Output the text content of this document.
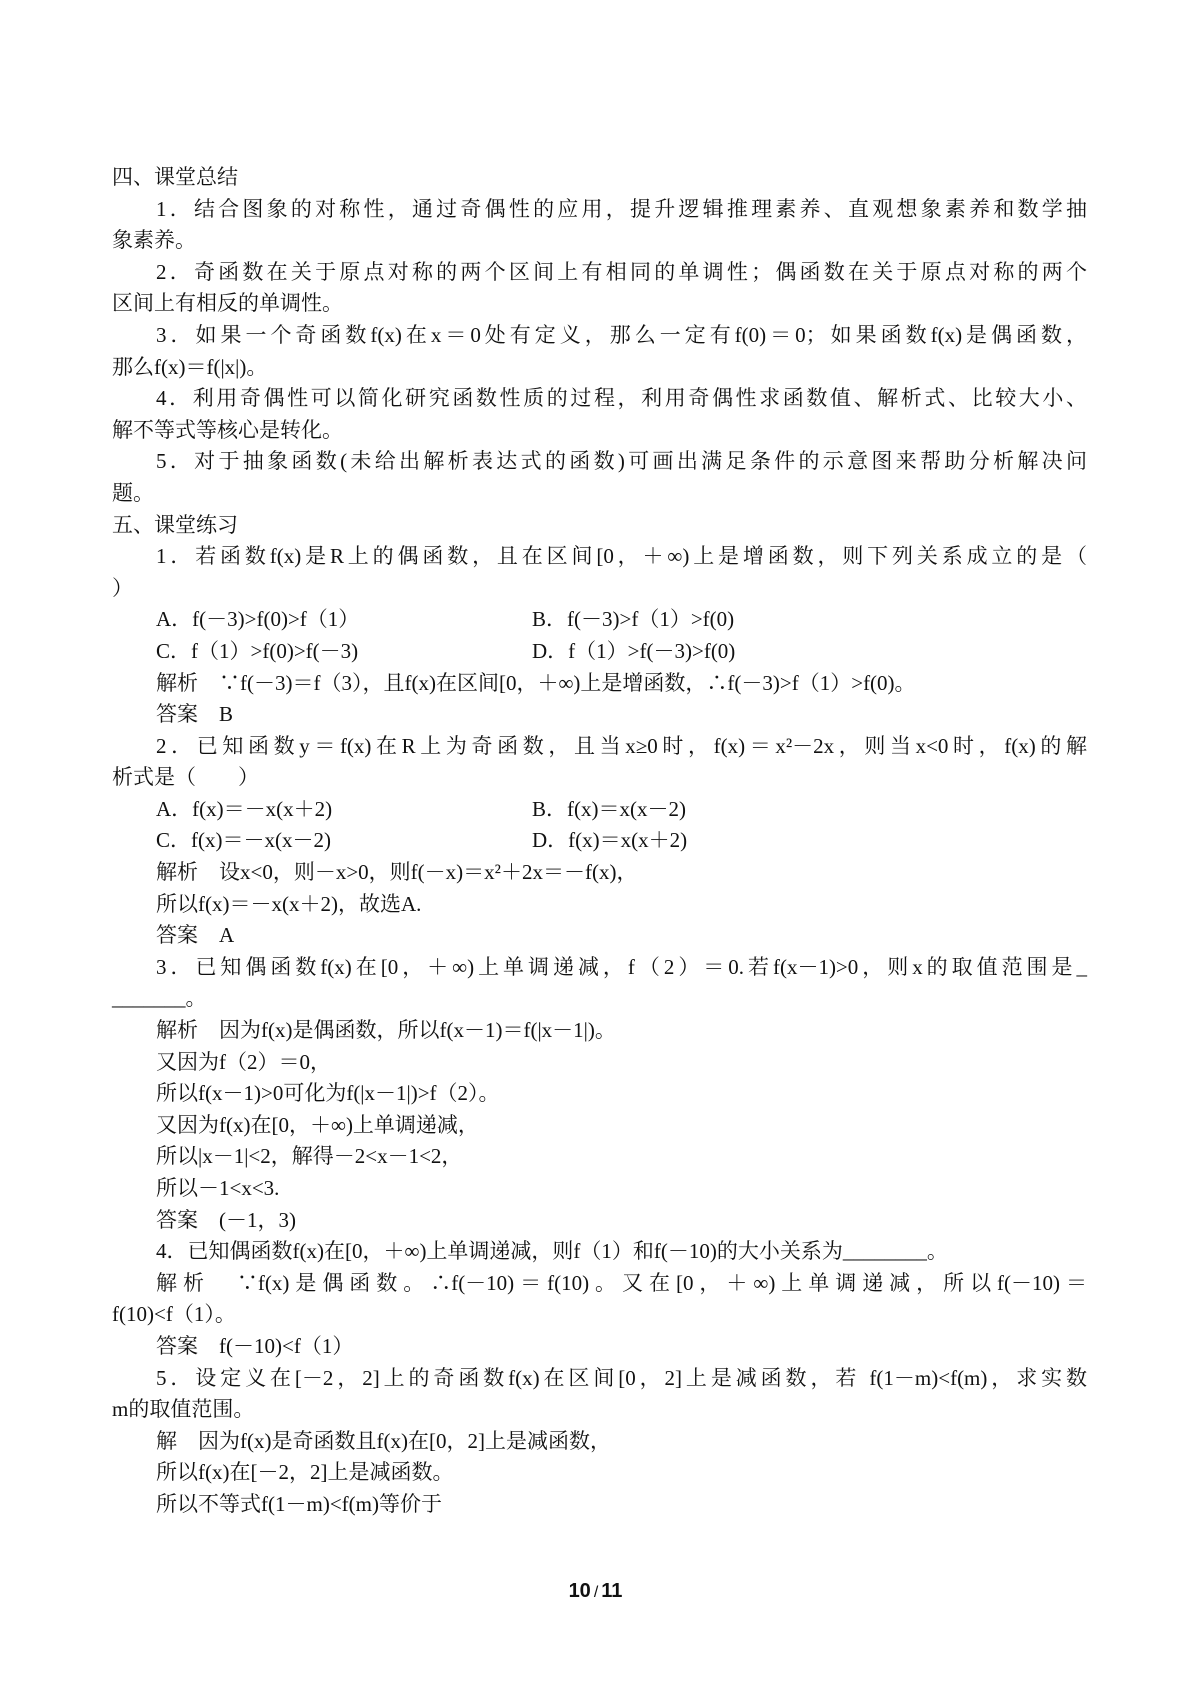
四、课堂总结
1．结合图象的对称性，通过奇偶性的应用，提升逻辑推理素养、直观想象素养和数学抽
象素养。
2．奇函数在关于原点对称的两个区间上有相同的单调性；偶函数在关于原点对称的两个
区间上有相反的单调性。
3．如果一个奇函数f(x)在x＝0处有定义，那么一定有f(0)＝0；如果函数f(x)是偶函数，
那么f(x)＝f(|x|)。
4．利用奇偶性可以简化研究函数性质的过程，利用奇偶性求函数值、解析式、比较大小、
解不等式等核心是转化。
5．对于抽象函数(未给出解析表达式的函数)可画出满足条件的示意图来帮助分析解决问
题。
五、课堂练习
1．若函数f(x)是R上的偶函数，且在区间[0，＋∞)上是增函数，则下列关系成立的是（
）
A．f(－3)>f(0)>f（1）	B．f(－3)>f（1）>f(0)
C．f（1）>f(0)>f(－3)	D．f（1）>f(－3)>f(0)
解析　∵f(－3)＝f（3），且f(x)在区间[0，＋∞)上是增函数，∴f(－3)>f（1）>f(0)。
答案　B
2．已知函数y＝f(x)在R上为奇函数，且当x≥0时，f(x)＝x²－2x，则当x<0时，f(x)的解
析式是（　　）
A．f(x)＝－x(x＋2)	B．f(x)＝x(x－2)
C．f(x)＝－x(x－2)	D．f(x)＝x(x＋2)
解析　设x<0，则－x>0，则f(－x)＝x²＋2x＝－f(x)，
所以f(x)＝－x(x＋2)，故选A.
答案　A
3．已知偶函数f(x)在[0，＋∞)上单调递减，f（2）＝0.若f(x－1)>0，则x的取值范围是_
_______。
解析　因为f(x)是偶函数，所以f(x－1)＝f(|x－1|)。
又因为f（2）＝0，
所以f(x－1)>0可化为f(|x－1|)>f（2）。
又因为f(x)在[0，＋∞)上单调递减，
所以|x－1|<2，解得－2<x－1<2，
所以－1<x<3.
答案　(－1，3)
4．已知偶函数f(x)在[0，＋∞)上单调递减，则f（1）和f(－10)的大小关系为________。
解析　∵f(x)是偶函数。∴f(－10)＝f(10)。又在[0，＋∞)上单调递减，所以f(－10)＝
f(10)<f（1）。
答案　f(－10)<f（1）
5．设定义在[－2，2]上的奇函数f(x)在区间[0，2]上是减函数，若 f(1－m)<f(m)，求实数
m的取值范围。
解　因为f(x)是奇函数且f(x)在[0，2]上是减函数，
所以f(x)在[－2，2]上是减函数。
所以不等式f(1－m)<f(m)等价于
10 / 11
